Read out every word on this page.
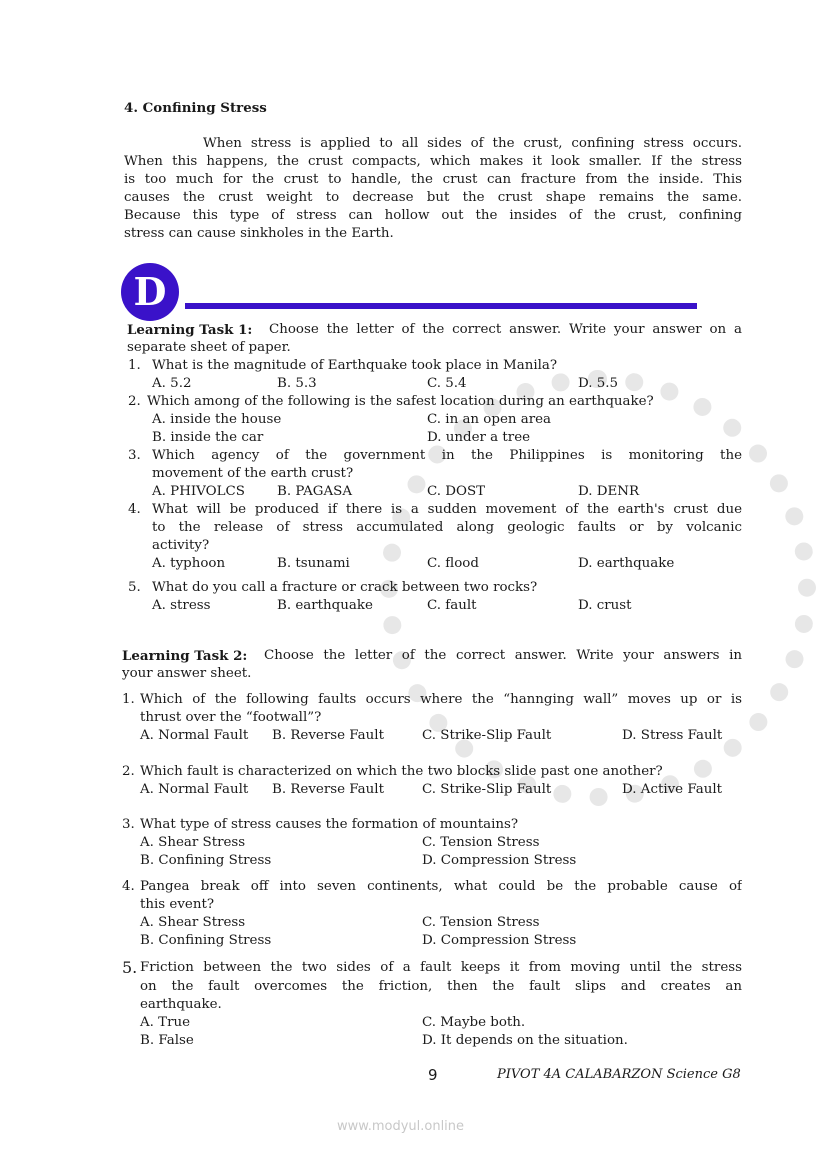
D
4. Confining Stress
When stress is applied to all sides of the crust, confining stress occurs.
When this happens, the crust compacts, which makes it look smaller. If the stress
is too much for the crust to handle, the crust can fracture from the inside. This
causes the crust weight to decrease but the crust shape remains the same.
Because this type of stress can hollow out the insides of the crust, confining
stress can cause sinkholes in the Earth.
Learning Task 1: Choose the letter of the correct answer. Write your answer on a
separate sheet of paper.
1. What is the magnitude of Earthquake took place in Manila?
A. 5.2	B. 5.3	C. 5.4	D. 5.5
2. Which among of the following is the safest location during an earthquake?
A. inside the house	C. in an open area
B. inside the car	D. under a tree
3. Which agency of the government in the Philippines is monitoring the
movement of the earth crust?
A. PHIVOLCS B. PAGASA	C. DOST	D. DENR
4. What will be produced if there is a sudden movement of the earth's crust due
to the release of stress accumulated along geologic faults or by volcanic
activity?
A. typhoon	B. tsunami	C. flood	D. earthquake
5. What do you call a fracture or crack between two rocks?
A. stress	B. earthquake	C. fault	D. crust
Learning Task 2: Choose the letter of the correct answer. Write your answers in
your answer sheet.
1. Which of the following faults occurs where the “hannging wall” moves up or is
thrust over the “footwall”?
A. Normal Fault B. Reverse Fault	C. Strike-Slip Fault	D. Stress Fault
2. Which fault is characterized on which the two blocks slide past one another?
A. Normal Fault B. Reverse Fault	C. Strike-Slip Fault	D. Active Fault
3. What type of stress causes the formation of mountains?
A. Shear Stress	C. Tension Stress
B. Confining Stress	D. Compression Stress
4. Pangea break off into seven continents, what could be the probable cause of
this event?
A. Shear Stress	C. Tension Stress
B. Confining Stress	D. Compression Stress
5. Friction between the two sides of a fault keeps it from moving until the stress
on the fault overcomes the friction, then the fault slips and creates an
earthquake.
A. True	C. Maybe both.
B. False	D. It depends on the situation.
9	PIVOT 4A CALABARZON Science G8
www.modyul.online
